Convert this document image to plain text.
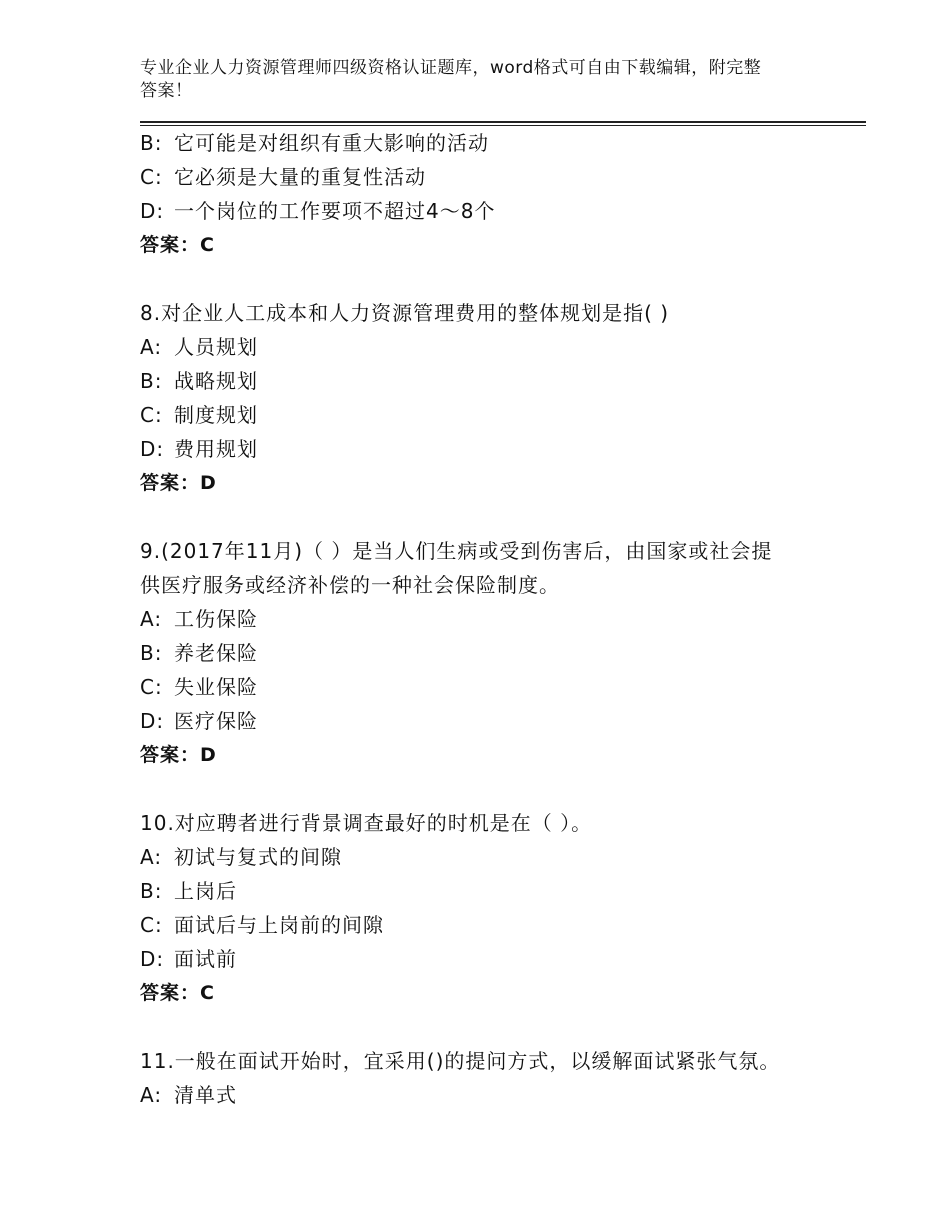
专业企业人力资源管理师四级资格认证题库，word格式可自由下载编辑，附完整
答案！
B: 它可能是对组织有重大影响的活动
C: 它必须是大量的重复性活动
D: 一个岗位的工作要项不超过4～8个
答案：C
8.对企业人工成本和人力资源管理费用的整体规划是指( )
A: 人员规划
B: 战略规划
C: 制度规划
D: 费用规划
答案：D
9.(2017年11月)（ ）是当人们生病或受到伤害后，由国家或社会提
供医疗服务或经济补偿的一种社会保险制度。
A: 工伤保险
B: 养老保险
C: 失业保险
D: 医疗保险
答案：D
10.对应聘者进行背景调查最好的时机是在（ ）。
A: 初试与复式的间隙
B: 上岗后
C: 面试后与上岗前的间隙
D: 面试前
答案：C
11.一般在面试开始时，宜采用()的提问方式，以缓解面试紧张气氛。
A: 清单式
